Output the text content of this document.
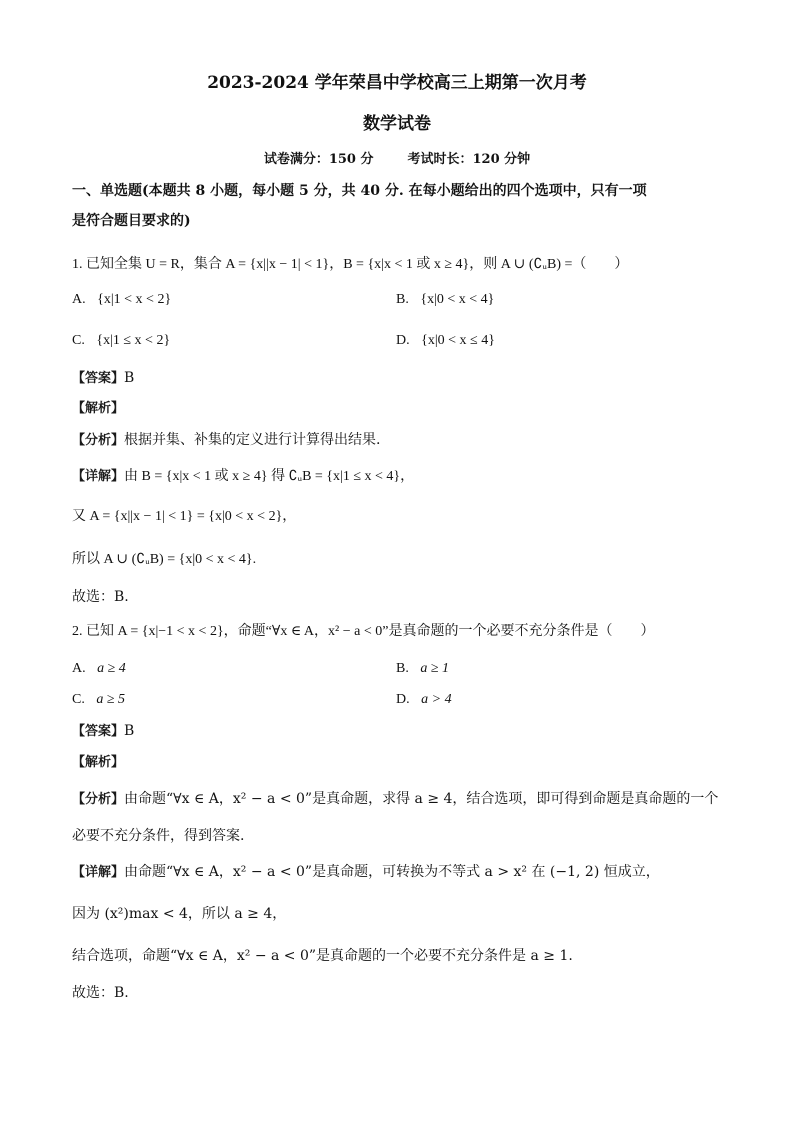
2023-2024 学年荣昌中学校高三上期第一次月考
数学试卷
试卷满分：150 分	考试时长：120 分钟
一、单选题(本题共 8 小题，每小题 5 分，共 40 分. 在每小题给出的四个选项中，只有一项
是符合题目要求的)
1. 已知全集 U = R，集合 A = {x||x − 1| < 1}，B = {x|x < 1 或 x ≥ 4}，则 A ∪ (∁ᵤB) =（　　）
A. {x|1 < x < 2}	B. {x|0 < x < 4}
C. {x|1 ≤ x < 2}	D. {x|0 < x ≤ 4}
【答案】B
【解析】
【分析】根据并集、补集的定义进行计算得出结果.
【详解】由 B = {x|x < 1 或 x ≥ 4} 得 ∁ᵤB = {x|1 ≤ x < 4}，
又 A = {x||x − 1| < 1} = {x|0 < x < 2}，
所以 A ∪ (∁ᵤB) = {x|0 < x < 4}.
故选：B.
2. 已知 A = {x|−1 < x < 2}，命题“∀x ∈ A，x² − a < 0”是真命题的一个必要不充分条件是（　　）
A. a ≥ 4	B. a ≥ 1
C. a ≥ 5	D. a > 4
【答案】B
【解析】
【分析】由命题“∀x ∈ A，x² − a < 0”是真命题，求得 a ≥ 4，结合选项，即可得到命题是真命题的一个
必要不充分条件，得到答案.
【详解】由命题“∀x ∈ A，x² − a < 0”是真命题，可转换为不等式 a > x² 在 (−1, 2) 恒成立，
因为 (x²)max < 4，所以 a ≥ 4，
结合选项，命题“∀x ∈ A，x² − a < 0”是真命题的一个必要不充分条件是 a ≥ 1.
故选：B.
